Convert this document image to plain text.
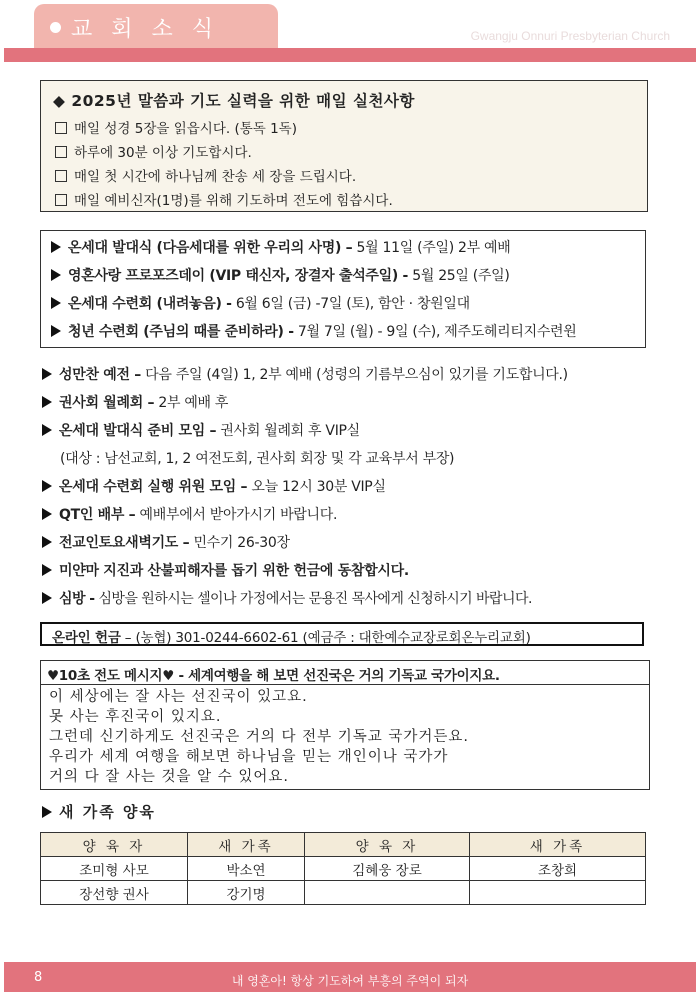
교 회 소 식	Gwangju Onnuri Presbyterian Church
◆ 2025년 말씀과 기도 실력을 위한 매일 실천사항
매일 성경 5장을 읽읍시다. (통독 1독)
하루에 30분 이상 기도합시다.
매일 첫 시간에 하나님께 찬송 세 장을 드립시다.
매일 예비신자(1명)를 위해 기도하며 전도에 힘씁시다.
온세대 발대식 (다음세대를 위한 우리의 사명) – 5월 11일 (주일) 2부 예배
영혼사랑 프로포즈데이 (VIP 태신자, 장결자 출석주일) - 5월 25일 (주일)
온세대 수련회 (내려놓음) - 6월 6일 (금) -7일 (토), 함안 · 창원일대
청년 수련회 (주님의 때를 준비하라) - 7월 7일 (월) - 9일 (수), 제주도헤리티지수련원
성만찬 예전 – 다음 주일 (4일) 1, 2부 예배 (성령의 기름부으심이 있기를 기도합니다.)
권사회 월례회 – 2부 예배 후
온세대 발대식 준비 모임 – 권사회 월례회 후 VIP실
(대상 : 남선교회, 1, 2 여전도회, 권사회 회장 및 각 교육부서 부장)
온세대 수련회 실행 위원 모임 – 오늘 12시 30분 VIP실
QT인 배부 – 예배부에서 받아가시기 바랍니다.
전교인토요새벽기도 – 민수기 26-30장
미얀마 지진과 산불피해자를 돕기 위한 헌금에 동참합시다.
심방 - 심방을 원하시는 셀이나 가정에서는 문용진 목사에게 신청하시기 바랍니다.
온라인 헌금 – (농협) 301-0244-6602-61 (예금주 : 대한예수교장로회온누리교회)
♥10초 전도 메시지♥ - 세계여행을 해 보면 선진국은 거의 기독교 국가이지요.
이 세상에는 잘 사는 선진국이 있고요.
못 사는 후진국이 있지요.
그런데 신기하게도 선진국은 거의 다 전부 기독교 국가거든요.
우리가 세계 여행을 해보면 하나님을 믿는 개인이나 국가가
거의 다 잘 사는 것을 알 수 있어요.
새 가족 양육
양 육 자	새 가족	양 육 자	새 가족
조미형 사모	박소연	김혜웅 장로	조창희
장선향 권사	강기명		
8	내 영혼아! 항상 기도하여 부흥의 주역이 되자
